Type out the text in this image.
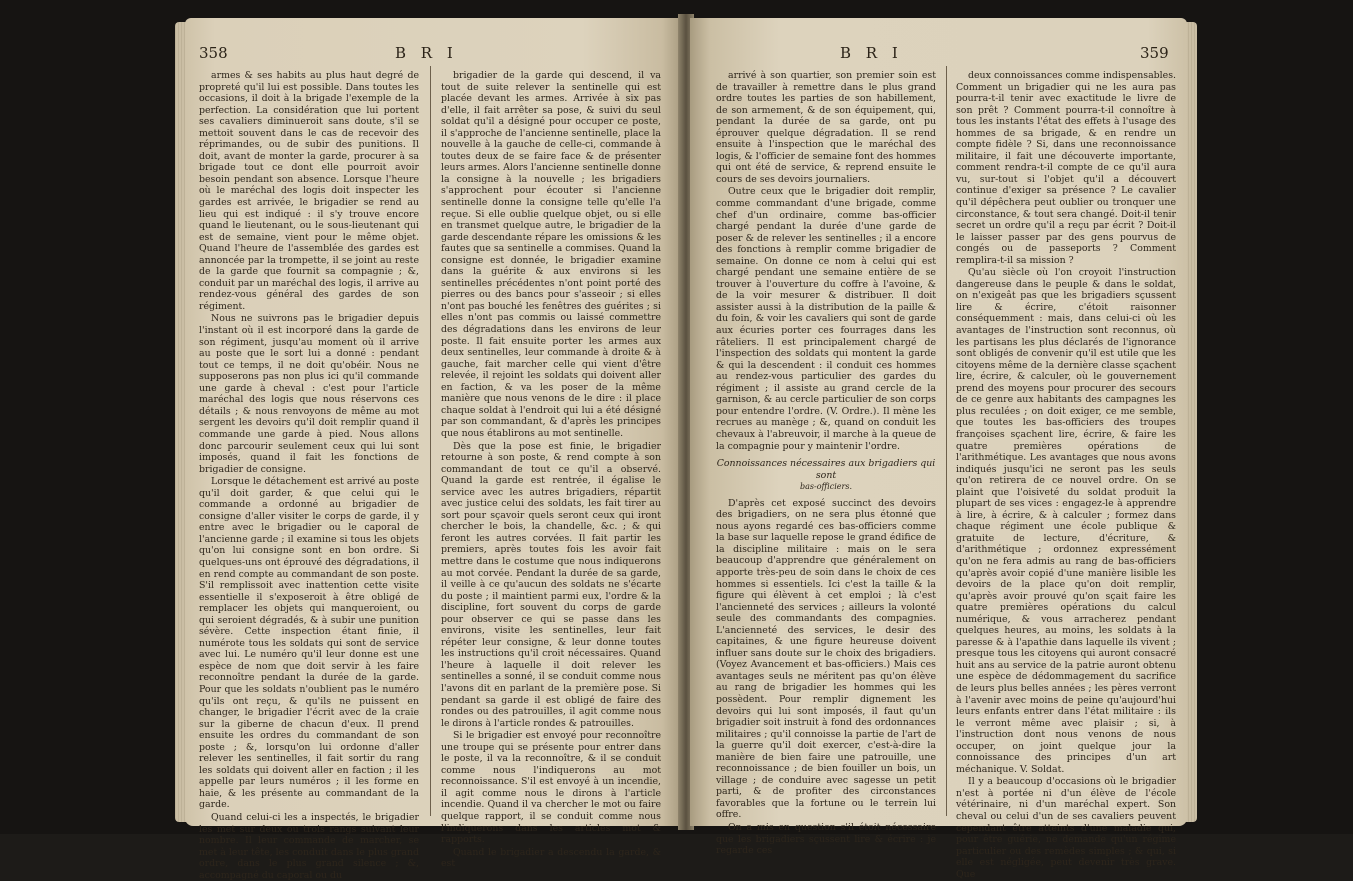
358	B R I

armes & ses habits au plus haut degré de propreté qu'il lui est possible. Dans toutes les occasions, il doit à la brigade l'exemple de la perfection. La considération que lui portent ses cavaliers diminueroit sans doute, s'il se mettoit souvent dans le cas de recevoir des réprimandes, ou de subir des punitions. Il doit, avant de monter la garde, procurer à sa brigade tout ce dont elle pourroit avoir besoin pendant son absence. Lorsque l'heure où le maréchal des logis doit inspecter les gardes est arrivée, le brigadier se rend au lieu qui est indiqué : il s'y trouve encore quand le lieutenant, ou le sous-lieutenant qui est de semaine, vient pour le même objet. Quand l'heure de l'assemblée des gardes est annoncée par la trompette, il se joint au reste de la garde que fournit sa compagnie ; &, conduit par un maréchal des logis, il arrive au rendez-vous général des gardes de son régiment.

Nous ne suivrons pas le brigadier depuis l'instant où il est incorporé dans la garde de son régiment, jusqu'au moment où il arrive au poste que le sort lui a donné : pendant tout ce temps, il ne doit qu'obéir. Nous ne supposerons pas non plus ici qu'il commande une garde à cheval : c'est pour l'article maréchal des logis que nous réservons ces détails ; & nous renvoyons de même au mot sergent les devoirs qu'il doit remplir quand il commande une garde à pied. Nous allons donc parcourir seulement ceux qui lui sont imposés, quand il fait les fonctions de brigadier de consigne.

Lorsque le détachement est arrivé au poste qu'il doit garder, & que celui qui le commande a ordonné au brigadier de consigne d'aller visiter le corps de garde, il y entre avec le brigadier ou le caporal de l'ancienne garde ; il examine si tous les objets qu'on lui consigne sont en bon ordre. Si quelques-uns ont éprouvé des dégradations, il en rend compte au commandant de son poste. S'il remplissoit avec inattention cette visite essentielle il s'exposeroit à être obligé de remplacer les objets qui manqueroient, ou qui seroient dégradés, & à subir une punition sévère. Cette inspection étant finie, il numérote tous les soldats qui sont de service avec lui. Le numéro qu'il leur donne est une espèce de nom que doit servir à les faire reconnoître pendant la durée de la garde. Pour que les soldats n'oublient pas le numéro qu'ils ont reçu, & qu'ils ne puissent en changer, le brigadier l'écrit avec de la craie sur la giberne de chacun d'eux. Il prend ensuite les ordres du commandant de son poste ; &, lorsqu'on lui ordonne d'aller relever les sentinelles, il fait sortir du rang les soldats qui doivent aller en faction ; il les appelle par leurs numéros ; il les forme en haie, & les présente au commandant de la garde.

Quand celui-ci les a inspectés, le brigadier les met sur deux ou trois rangs suivant leur nombre. Il leur commande de marcher, se met à leur tête, les conduit dans le plus grand ordre, dans le plus grand silence ; &, accompagné du caporal ou du

brigadier de la garde qui descend, il va tout de suite relever la sentinelle qui est placée devant les armes. Arrivée à six pas d'elle, il fait arrêter sa pose, & suivi du seul soldat qu'il a désigné pour occuper ce poste, il s'approche de l'ancienne sentinelle, place la nouvelle à la gauche de celle-ci, commande à toutes deux de se faire face & de présenter leurs armes. Alors l'ancienne sentinelle donne la consigne à la nouvelle ; les brigadiers s'approchent pour écouter si l'ancienne sentinelle donne la consigne telle qu'elle l'a reçue. Si elle oublie quelque objet, ou si elle en transmet quelque autre, le brigadier de la garde descendante répare les omissions & les fautes que sa sentinelle a commises. Quand la consigne est donnée, le brigadier examine dans la guérite & aux environs si les sentinelles précédentes n'ont point porté des pierres ou des bancs pour s'asseoir ; si elles n'ont pas bouché les fenêtres des guérites ; si elles n'ont pas commis ou laissé commettre des dégradations dans les environs de leur poste. Il fait ensuite porter les armes aux deux sentinelles, leur commande à droite & à gauche, fait marcher celle qui vient d'être relevée, il rejoint les soldats qui doivent aller en faction, & va les poser de la même manière que nous venons de le dire : il place chaque soldat à l'endroit qui lui a été désigné par son commandant, & d'après les principes que nous établirons au mot sentinelle.

Dès que la pose est finie, le brigadier retourne à son poste, & rend compte à son commandant de tout ce qu'il a observé. Quand la garde est rentrée, il égalise le service avec les autres brigadiers, répartit avec justice celui des soldats, les fait tirer au sort pour sçavoir quels seront ceux qui iront chercher le bois, la chandelle, &c. ; & qui feront les autres corvées. Il fait partir les premiers, après toutes fois les avoir fait mettre dans le costume que nous indiquerons au mot corvée. Pendant la durée de sa garde, il veille à ce qu'aucun des soldats ne s'écarte du poste ; il maintient parmi eux, l'ordre & la discipline, fort souvent du corps de garde pour observer ce qui se passe dans les environs, visite les sentinelles, leur fait répéter leur consigne, & leur donne toutes les instructions qu'il croit nécessaires. Quand l'heure à laquelle il doit relever les sentinelles a sonné, il se conduit comme nous l'avons dit en parlant de la première pose. Si pendant sa garde il est obligé de faire des rondes ou des patrouilles, il agit comme nous le dirons à l'article rondes & patrouilles.

Si le brigadier est envoyé pour reconnoître une troupe qui se présente pour entrer dans le poste, il va la reconnoître, & il se conduit comme nous l'indiquerons au mot reconnoissance. S'il est envoyé à un incendie, il agit comme nous le dirons à l'article incendie. Quand il va chercher le mot ou faire quelque rapport, il se conduit comme nous l'indiquerons dans les articles mot & rapports.

Quand le brigadier a descendu la garde, & est

B R I	359

arrivé à son quartier, son premier soin est de travailler à remettre dans le plus grand ordre toutes les parties de son habillement, de son armement, & de son équipement, qui, pendant la durée de sa garde, ont pu éprouver quelque dégradation. Il se rend ensuite à l'inspection que le maréchal des logis, & l'officier de semaine font des hommes qui ont été de service, & reprend ensuite le cours de ses devoirs journaliers.

Outre ceux que le brigadier doit remplir, comme commandant d'une brigade, comme chef d'un ordinaire, comme bas-officier chargé pendant la durée d'une garde de poser & de relever les sentinelles ; il a encore des fonctions à remplir comme brigadier de semaine. On donne ce nom à celui qui est chargé pendant une semaine entière de se trouver à l'ouverture du coffre à l'avoine, & de la voir mesurer & distribuer. Il doit assister aussi à la distribution de la paille & du foin, & voir les cavaliers qui sont de garde aux écuries porter ces fourrages dans les râteliers. Il est principalement chargé de l'inspection des soldats qui montent la garde & qui la descendent : il conduit ces hommes au rendez-vous particulier des gardes du régiment ; il assiste au grand cercle de la garnison, & au cercle particulier de son corps pour entendre l'ordre. (V. Ordre.). Il mène les recrues au manège ; &, quand on conduit les chevaux à l'abreuvoir, il marche à la queue de la compagnie pour y maintenir l'ordre.

Connoissances nécessaires aux brigadiers qui sont
bas-officiers.

D'après cet exposé succinct des devoirs des brigadiers, on ne sera plus étonné que nous ayons regardé ces bas-officiers comme la base sur laquelle repose le grand édifice de la discipline militaire : mais on le sera beaucoup d'apprendre que généralement on apporte très-peu de soin dans le choix de ces hommes si essentiels. Ici c'est la taille & la figure qui élèvent à cet emploi ; là c'est l'ancienneté des services ; ailleurs la volonté seule des commandants des compagnies. L'ancienneté des services, le desir des capitaines, & une figure heureuse doivent influer sans doute sur le choix des brigadiers. (Voyez Avancement et bas-officiers.) Mais ces avantages seuls ne méritent pas qu'on élève au rang de brigadier les hommes qui les possèdent. Pour remplir dignement les devoirs qui lui sont imposés, il faut qu'un brigadier soit instruit à fond des ordonnances militaires ; qu'il connoisse la partie de l'art de la guerre qu'il doit exercer, c'est-à-dire la manière de bien faire une patrouille, une reconnoissance ; de bien fouiller un bois, un village ; de conduire avec sagesse un petit parti, & de profiter des circonstances favorables que la fortune ou le terrein lui offre.

On a mis en question s'il étoit nécessaire que les brigadiers sçussent lire & écrire : je regarde ces

deux connoissances comme indispensables. Comment un brigadier qui ne les aura pas pourra-t-il tenir avec exactitude le livre de son prêt ? Comment pourra-t-il connoître à tous les instants l'état des effets à l'usage des hommes de sa brigade, & en rendre un compte fidèle ? Si, dans une reconnoissance militaire, il fait une découverte importante, comment rendra-t-il compte de ce qu'il aura vu, sur-tout si l'objet qu'il a découvert continue d'exiger sa présence ? Le cavalier qu'il dépêchera peut oublier ou tronquer une circonstance, & tout sera changé. Doit-il tenir secret un ordre qu'il a reçu par écrit ? Doit-il le laisser passer par des gens pourvus de congés ou de passeports ? Comment remplira-t-il sa mission ?

Qu'au siècle où l'on croyoit l'instruction dangereuse dans le peuple & dans le soldat, on n'exigeât pas que les brigadiers sçussent lire & écrire, c'étoit raisonner conséquemment : mais, dans celui-ci où les avantages de l'instruction sont reconnus, où les partisans les plus déclarés de l'ignorance sont obligés de convenir qu'il est utile que les citoyens même de la dernière classe sçachent lire, écrire, & calculer, où le gouvernement prend des moyens pour procurer des secours de ce genre aux habitants des campagnes les plus reculées ; on doit exiger, ce me semble, que toutes les bas-officiers des troupes françoises sçachent lire, écrire, & faire les quatre premières opérations de l'arithmétique. Les avantages que nous avons indiqués jusqu'ici ne seront pas les seuls qu'on retirera de ce nouvel ordre. On se plaint que l'oisiveté du soldat produit la plupart de ses vices : engagez-le à apprendre à lire, à écrire, & à calculer ; formez dans chaque régiment une école publique & gratuite de lecture, d'écriture, & d'arithmétique ; ordonnez expressément qu'on ne fera admis au rang de bas-officiers qu'après avoir copié d'une manière lisible les devoirs de la place qu'on doit remplir, qu'après avoir prouvé qu'on sçait faire les quatre premières opérations du calcul numérique, & vous arracherez pendant quelques heures, au moins, les soldats à la paresse & à l'apathie dans laquelle ils vivent ; presque tous les citoyens qui auront consacré huit ans au service de la patrie auront obtenu une espèce de dédommagement du sacrifice de leurs plus belles années ; les pères verront à l'avenir avec moins de peine qu'aujourd'hui leurs enfants entrer dans l'état militaire : ils le verront même avec plaisir ; si, à l'instruction dont nous venons de nous occuper, on joint quelque jour la connoissance des principes d'un art méchanique. V. Soldat.

Il y a beaucoup d'occasions où le brigadier n'est à portée ni d'un élève de l'école vétérinaire, ni d'un maréchal expert. Son cheval ou celui d'un de ses cavaliers peuvent cependant être atteints d'une maladie qui, pour être guérie, ne demande qu'un régime particulier ou des remèdes simples ; & qui, si elle est négligée, peut devenir très grave. Que
